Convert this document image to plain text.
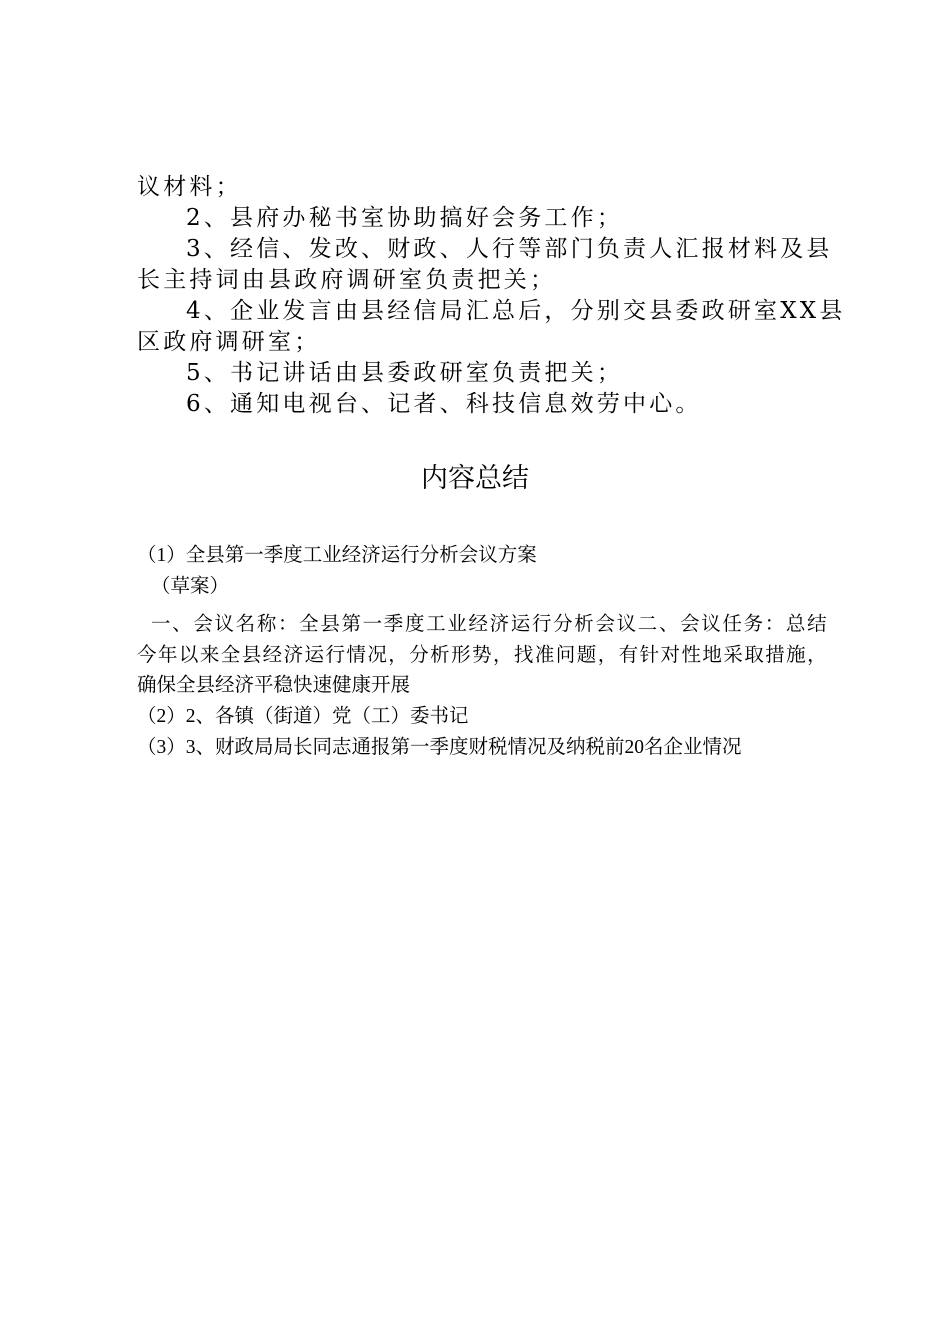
议材料；

2、县府办秘书室协助搞好会务工作；

3、经信、发改、财政、人行等部门负责人汇报材料及县

长主持词由县政府调研室负责把关；

4、企业发言由县经信局汇总后，分别交县委政研室XX县

区政府调研室；

5、书记讲话由县委政研室负责把关；

6、通知电视台、记者、科技信息效劳中心。

内容总结

（1）全县第一季度工业经济运行分析会议方案

（草案）

一、会议名称：全县第一季度工业经济运行分析会议二、会议任务：总结

今年以来全县经济运行情况，分析形势，找准问题，有针对性地采取措施，

确保全县经济平稳快速健康开展

（2）2、各镇（街道）党（工）委书记

（3）3、财政局局长同志通报第一季度财税情况及纳税前20名企业情况
